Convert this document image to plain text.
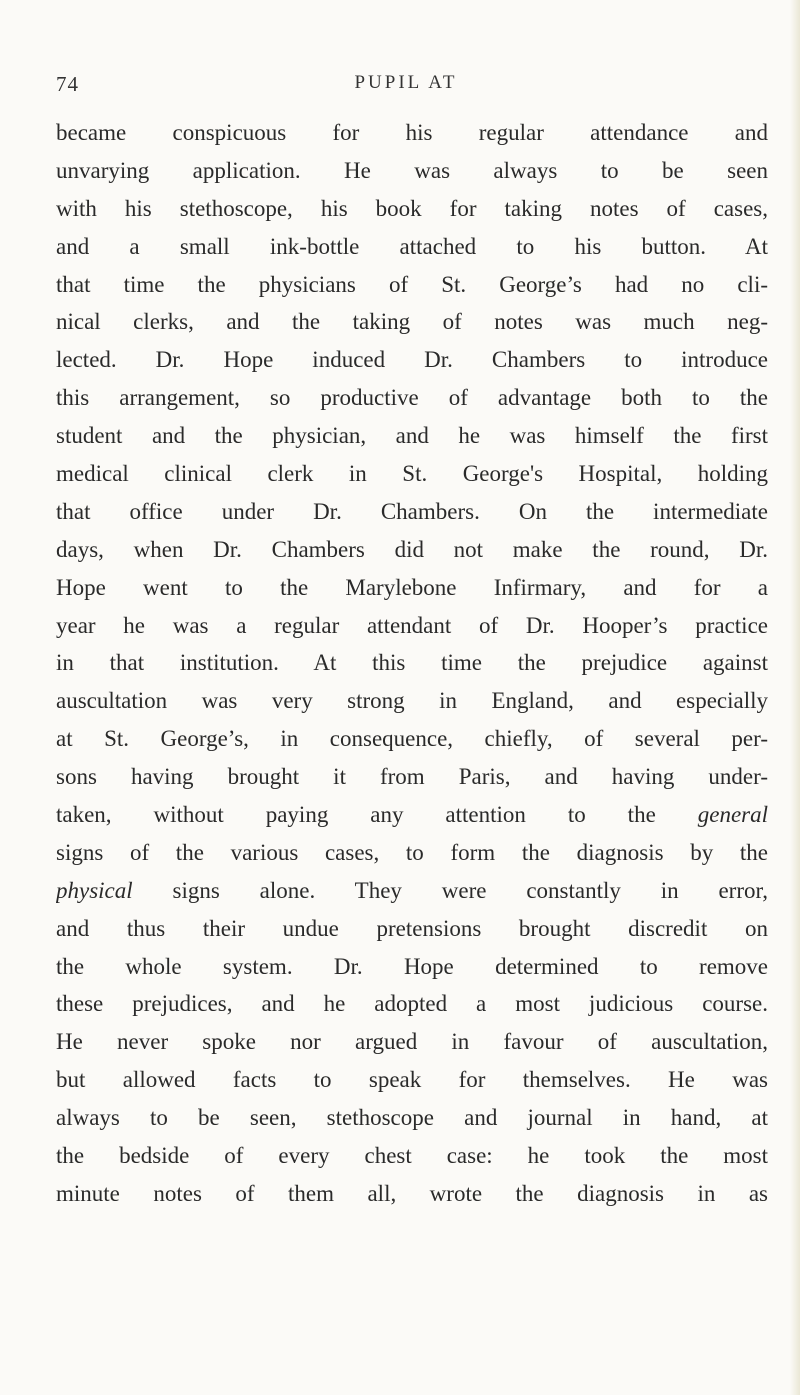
74	PUPIL AT
became conspicuous for his regular attendance and
unvarying application. He was always to be seen
with his stethoscope, his book for taking notes of cases,
and a small ink-bottle attached to his button. At
that time the physicians of St. George’s had no cli-
nical clerks, and the taking of notes was much neg-
lected. Dr. Hope induced Dr. Chambers to introduce
this arrangement, so productive of advantage both to the
student and the physician, and he was himself the first
medical clinical clerk in St. George's Hospital, holding
that office under Dr. Chambers. On the intermediate
days, when Dr. Chambers did not make the round, Dr.
Hope went to the Marylebone Infirmary, and for a
year he was a regular attendant of Dr. Hooper’s practice
in that institution. At this time the prejudice against
auscultation was very strong in England, and especially
at St. George’s, in consequence, chiefly, of several per-
sons having brought it from Paris, and having under-
taken, without paying any attention to the general
signs of the various cases, to form the diagnosis by the
physical signs alone. They were constantly in error,
and thus their undue pretensions brought discredit on
the whole system. Dr. Hope determined to remove
these prejudices, and he adopted a most judicious course.
He never spoke nor argued in favour of auscultation,
but allowed facts to speak for themselves. He was
always to be seen, stethoscope and journal in hand, at
the bedside of every chest case: he took the most
minute notes of them all, wrote the diagnosis in as
